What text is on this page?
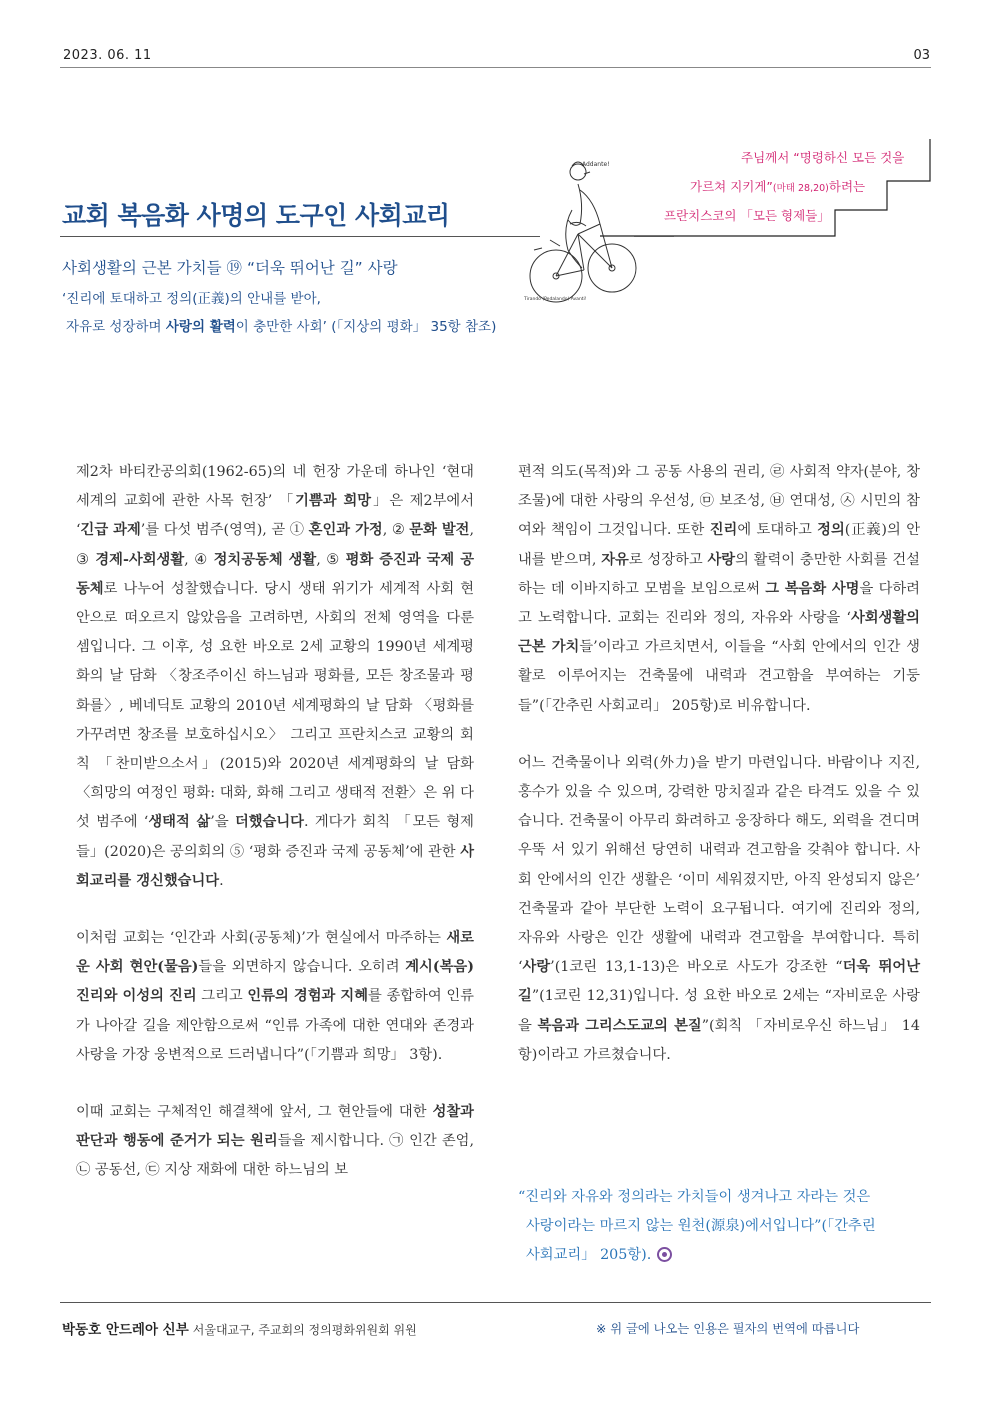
2023. 06. 11	03
주님께서 “명령하신 모든 것을
가르쳐 지키게”(마태 28,20)하려는
프란치스코의 「모든 형제들」
Addante!
Tirando (Pedalando) Avanti!
교회 복음화 사명의 도구인 사회교리
사회생활의 근본 가치들 ⑲ “더욱 뛰어난 길” 사랑
‘진리에 토대하고 정의(正義)의 안내를 받아,
자유로 성장하며 사랑의 활력이 충만한 사회’ (「지상의 평화」 35항 참조)

제2차 바티칸공의회(1962-65)의 네 헌장 가운데 하나인 ‘현대 세계의 교회에 관한 사목 헌장’ 「기쁨과 희망」은 제2부에서 ‘긴급 과제’를 다섯 범주(영역), 곧 ① 혼인과 가정, ② 문화 발전, ③ 경제-사회생활, ④ 정치공동체 생활, ⑤ 평화 증진과 국제 공동체로 나누어 성찰했습니다. 당시 생태 위기가 세계적 사회 현안으로 떠오르지 않았음을 고려하면, 사회의 전체 영역을 다룬 셈입니다. 그 이후, 성 요한 바오로 2세 교황의 1990년 세계평화의 날 담화 〈창조주이신 하느님과 평화를, 모든 창조물과 평화를〉, 베네딕토 교황의 2010년 세계평화의 날 담화 〈평화를 가꾸려면 창조를 보호하십시오〉 그리고 프란치스코 교황의 회칙 「찬미받으소서」(2015)와 2020년 세계평화의 날 담화 〈희망의 여정인 평화: 대화, 화해 그리고 생태적 전환〉은 위 다섯 범주에 ‘생태적 삶’을 더했습니다. 게다가 회칙 「모든 형제들」(2020)은 공의회의 ⑤ ‘평화 증진과 국제 공동체’에 관한 사회교리를 갱신했습니다.

이처럼 교회는 ‘인간과 사회(공동체)’가 현실에서 마주하는 새로운 사회 현안(물음)들을 외면하지 않습니다. 오히려 계시(복음) 진리와 이성의 진리 그리고 인류의 경험과 지혜를 종합하여 인류가 나아갈 길을 제안함으로써 “인류 가족에 대한 연대와 존경과 사랑을 가장 웅변적으로 드러냅니다”(「기쁨과 희망」 3항).

이때 교회는 구체적인 해결책에 앞서, 그 현안들에 대한 성찰과 판단과 행동에 준거가 되는 원리들을 제시합니다. ㉠ 인간 존엄, ㉡ 공동선, ㉢ 지상 재화에 대한 하느님의 보

편적 의도(목적)와 그 공동 사용의 권리, ㉣ 사회적 약자(분야, 창조물)에 대한 사랑의 우선성, ㉤ 보조성, ㉥ 연대성, ㉦ 시민의 참여와 책임이 그것입니다. 또한 진리에 토대하고 정의(正義)의 안내를 받으며, 자유로 성장하고 사랑의 활력이 충만한 사회를 건설하는 데 이바지하고 모범을 보임으로써 그 복음화 사명을 다하려고 노력합니다. 교회는 진리와 정의, 자유와 사랑을 ‘사회생활의 근본 가치들’이라고 가르치면서, 이들을 “사회 안에서의 인간 생활로 이루어지는 건축물에 내력과 견고함을 부여하는 기둥들”(「간추린 사회교리」 205항)로 비유합니다.

어느 건축물이나 외력(外力)을 받기 마련입니다. 바람이나 지진, 홍수가 있을 수 있으며, 강력한 망치질과 같은 타격도 있을 수 있습니다. 건축물이 아무리 화려하고 웅장하다 해도, 외력을 견디며 우뚝 서 있기 위해선 당연히 내력과 견고함을 갖춰야 합니다. 사회 안에서의 인간 생활은 ‘이미 세워졌지만, 아직 완성되지 않은’ 건축물과 같아 부단한 노력이 요구됩니다. 여기에 진리와 정의, 자유와 사랑은 인간 생활에 내력과 견고함을 부여합니다. 특히 ‘사랑’(1코린 13,1-13)은 바오로 사도가 강조한 “더욱 뛰어난 길”(1코린 12,31)입니다. 성 요한 바오로 2세는 “자비로운 사랑을 복음과 그리스도교의 본질”(회칙 「자비로우신 하느님」 14항)이라고 가르쳤습니다.

“진리와 자유와 정의라는 가치들이 생겨나고 자라는 것은
사랑이라는 마르지 않는 원천(源泉)에서입니다”(「간추린
사회교리」 205항).
박동호 안드레아 신부 서울대교구, 주교회의 정의평화위원회 위원	※ 위 글에 나오는 인용은 필자의 번역에 따릅니다
